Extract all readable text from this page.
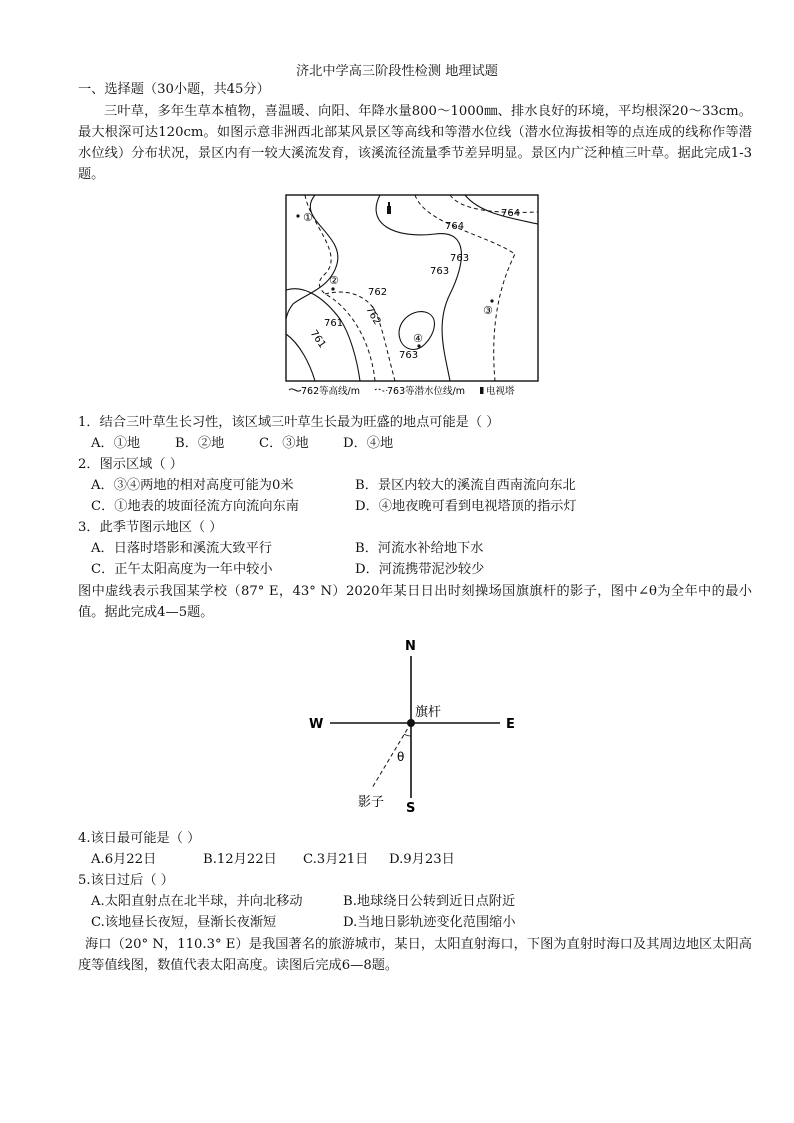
济北中学高三阶段性检测 地理试题
一、选择题（30小题，共45分）
三叶草，多年生草本植物，喜温暖、向阳、年降水量800～1000㎜、排水良好的环境，平均根深20～33cm。最大根深可达120cm。如图示意非洲西北部某风景区等高线和等潜水位线（潜水位海拔相等的点连成的线称作等潜水位线）分布状况，景区内有一较大溪流发育，该溪流径流量季节差异明显。景区内广泛种植三叶草。据此完成1-3题。
764
764
763
763
762
762
761
761
763
①
②
③
④
762 等高线/m	763 等潜水位线/m 电视塔
1．结合三叶草生长习性，该区域三叶草生长最为旺盛的地点可能是（ ）
A．①地	B．②地	C．③地	D．④地
2．图示区域（ ）
A．③④两地的相对高度可能为0米	B．景区内较大的溪流自西南流向东北
C．①地表的坡面径流方向流向东南	D．④地夜晚可看到电视塔顶的指示灯
3．此季节图示地区（ ）
A．日落时塔影和溪流大致平行	B．河流水补给地下水
C．正午太阳高度为一年中较小	D．河流携带泥沙较少
图中虚线表示我国某学校（87° E，43° N）2020年某日日出时刻操场国旗旗杆的影子，图中∠θ为全年中的最小值。据此完成4—5题。
N
S
E
W
旗杆
影子
θ
4.该日最可能是（ ）
A.6月22日	B.12月22日 C.3月21日 D.9月23日
5.该日过后（ ）
A.太阳直射点在北半球，并向北移动	B.地球绕日公转到近日点附近
C.该地昼长夜短，昼渐长夜渐短	D.当地日影轨迹变化范围缩小
海口（20° N，110.3° E）是我国著名的旅游城市，某日，太阳直射海口，下图为直射时海口及其周边地区太阳高度等值线图，数值代表太阳高度。读图后完成6—8题。
